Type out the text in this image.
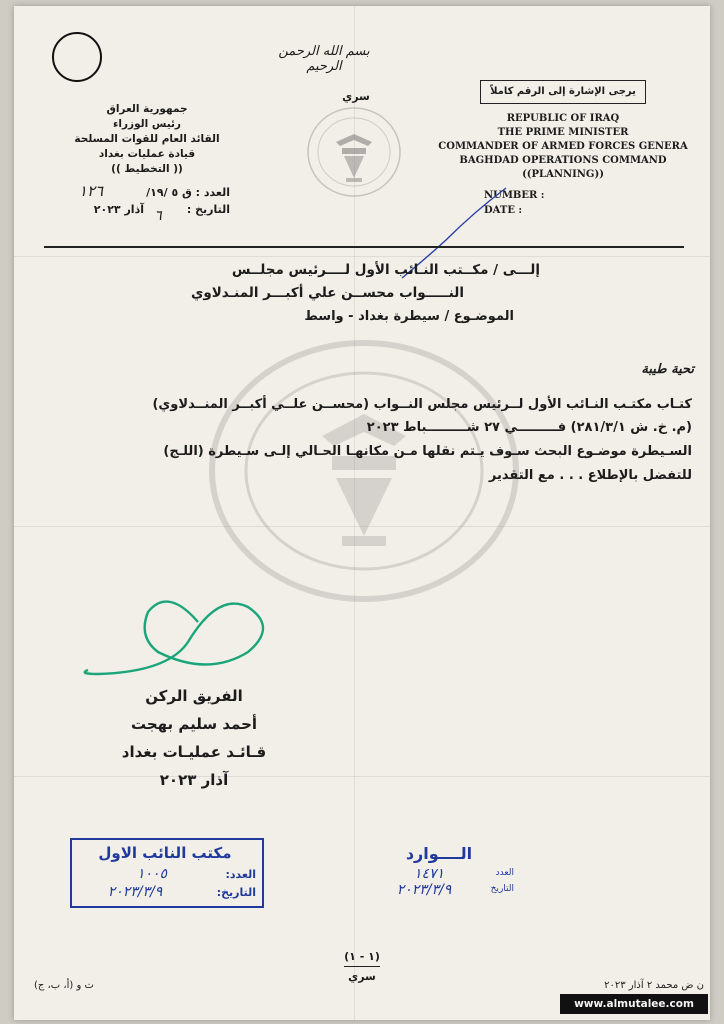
بسم الله الرحمن الرحيم
سري	يرجى الإشارة إلى الرقم كاملاً
جمهورية العراق
رئيس الوزراء
القائد العام للقوات المسلحة
قيادة عمليات بغداد
(( التخطيط ))
العدد : ق ٥ /١٩/
١٢٦
التاريخ :
٦
آذار ٢٠٢٣
REPUBLIC OF IRAQ
THE PRIME MINISTER
COMMANDER OF ARMED FORCES GENERA
BAGHDAD OPERATIONS COMMAND
((PLANNING))
NUMBER :
DATE :
إلـــى / مكــتب النـائب الأول لــــرئيس مجلــس
النـــــواب محســن علي أكبـــر المنـدلاوي
الموضـوع / سيطرة بغداد - واسط
تحية طيبة
كتـاب مكتـب النـائب الأول لــرئيس مجلس النــواب (محســن علــي أكبــر المنــدلاوي)
(م. خ. ش ٢٨١/٣/١) فـــــــــي ٢٧ شـــــــــباط ٢٠٢٣
السـيطرة موضـوع البحث سـوف يـتم نقلها مـن مكانهـا الحـالي إلـى سـيطرة (اللـج)
للتفضل بالإطلاع . . . مع التقدير
الفريق الركن
أحمد سليم بهجت
قـائـد عمليـات بغداد
آذار ٢٠٢٣
مكتب النائب الاول
العدد:
١٠٠٥
التاريخ:
٢٠٢٣/٣/٩
الــــوارد
العدد
١٤٧١
التاريخ
٢٠٢٣/٣/٩
(١ - ١)
سري
ت و (أ، ب، ج)	ن ض محمد ٢ آذار ٢٠٢٣
www.almutalee.com
